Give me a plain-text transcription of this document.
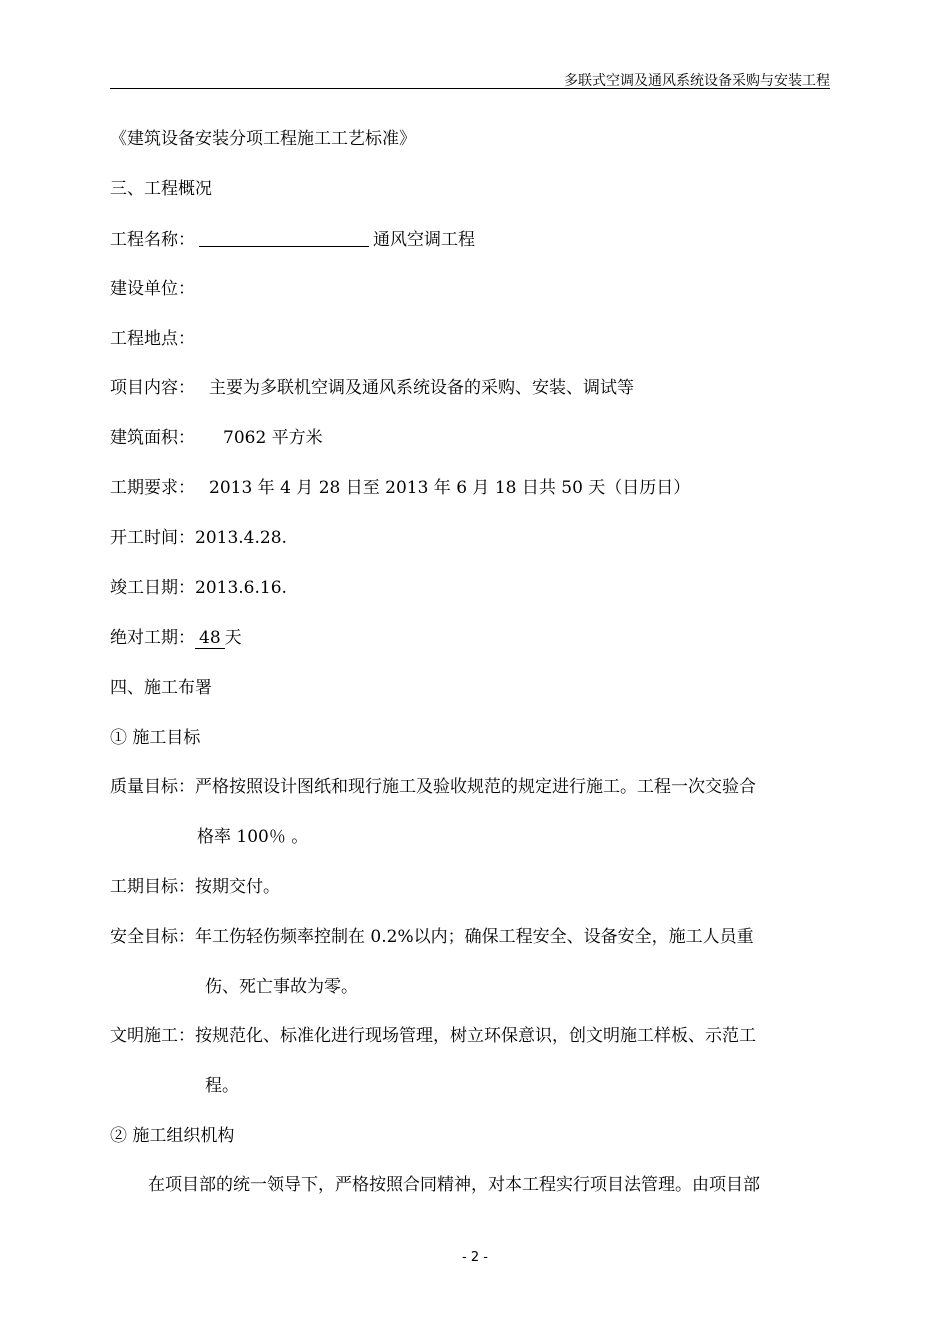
多联式空调及通风系统设备采购与安装工程
《建筑设备安装分项工程施工工艺标准》
三、工程概况
工程名称：	通风空调工程
建设单位：
工程地点：
项目内容： 主要为多联机空调及通风系统设备的采购、安装、调试等
建筑面积： 7062 平方米
工期要求： 2013 年 4 月 28 日至 2013 年 6 月 18 日共 50 天（日历日）
开工时间：2013.4.28.
竣工日期：2013.6.16.
绝对工期： 48 天
四、施工布署
① 施工目标
质量目标：严格按照设计图纸和现行施工及验收规范的规定进行施工。工程一次交验合
格率 100％ 。
工期目标：按期交付。
安全目标：年工伤轻伤频率控制在 0.2%以内；确保工程安全、设备安全，施工人员重
伤、死亡事故为零。
文明施工：按规范化、标准化进行现场管理，树立环保意识，创文明施工样板、示范工
程。
② 施工组织机构
在项目部的统一领导下，严格按照合同精神，对本工程实行项目法管理。由项目部
- 2 -
